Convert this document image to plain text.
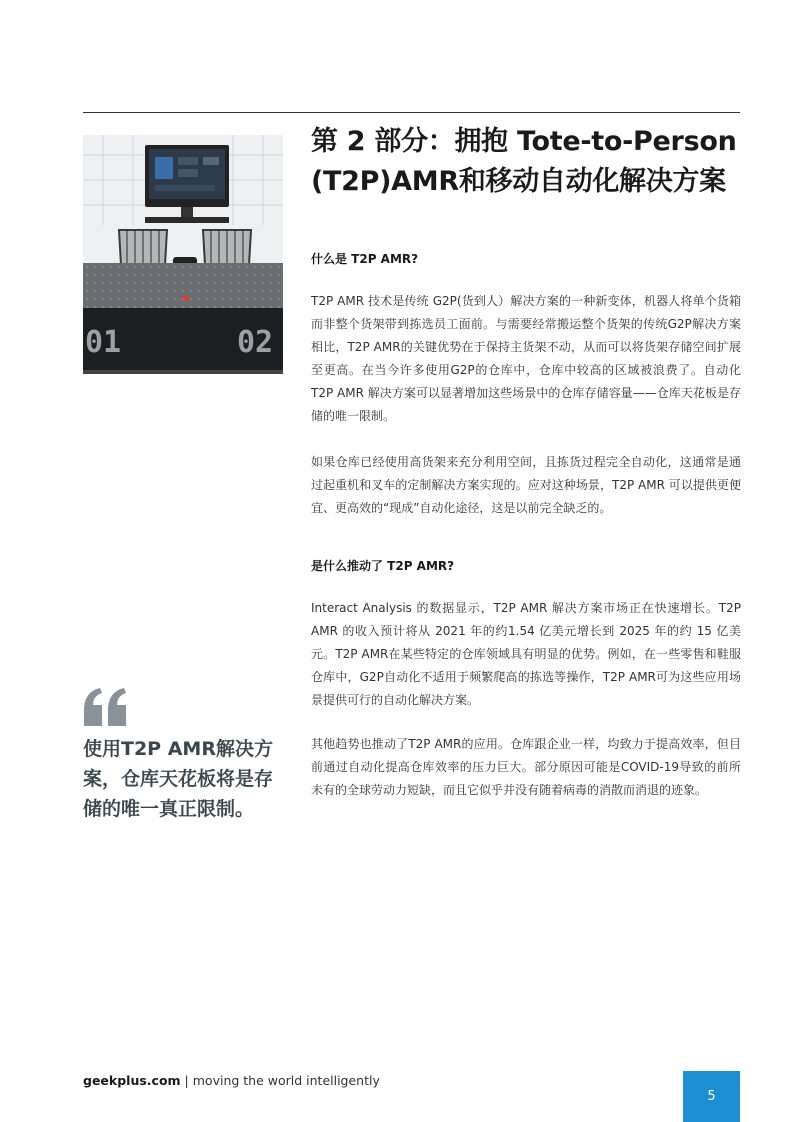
01	02
第 2 部分：拥抱 Tote-to-Person (T2P)AMR和移动自动化解决方案
什么是 T2P AMR?

T2P AMR 技术是传统 G2P(货到人）解决方案的一种新变体，机器人将单个货箱而非整个货架带到拣选员工面前。与需要经常搬运整个货架的传统G2P解决方案相比，T2P AMR的关键优势在于保持主货架不动，从而可以将货架存储空间扩展至更高。在当今许多使用G2P的仓库中，仓库中较高的区域被浪费了。自动化 T2P AMR 解决方案可以显著增加这些场景中的仓库存储容量——仓库天花板是存储的唯一限制。

如果仓库已经使用高货架来充分利用空间，且拣货过程完全自动化，这通常是通过起重机和叉车的定制解决方案实现的。应对这种场景，T2P AMR 可以提供更便宜、更高效的“现成”自动化途径，这是以前完全缺乏的。

是什么推动了 T2P AMR?

Interact Analysis 的数据显示，T2P AMR 解决方案市场正在快速增长。T2P AMR 的收入预计将从 2021 年的约1.54 亿美元增长到 2025 年的约 15 亿美元。T2P AMR在某些特定的仓库领域具有明显的优势。例如，在一些零售和鞋服仓库中，G2P自动化不适用于频繁爬高的拣选等操作，T2P AMR可为这些应用场景提供可行的自动化解决方案。

其他趋势也推动了T2P AMR的应用。仓库跟企业一样，均致力于提高效率，但目前通过自动化提高仓库效率的压力巨大。部分原因可能是COVID-19导致的前所未有的全球劳动力短缺，而且它似乎并没有随着病毒的消散而消退的迹象。

使用T2P AMR解决方案，仓库天花板将是存储的唯一真正限制。

geekplus.com | moving the world intelligently
5
